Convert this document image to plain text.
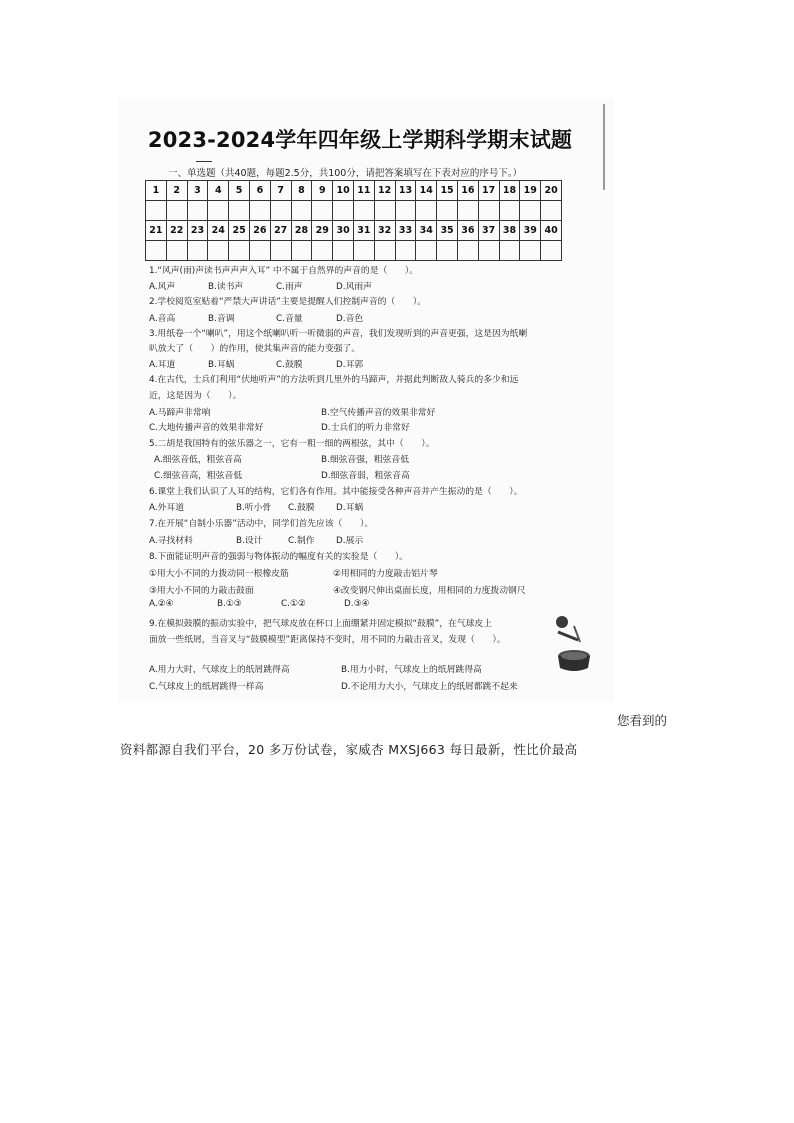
2023-2024学年四年级上学期科学期末试题
一、单选题（共40题，每题2.5分，共100分，请把答案填写在下表对应的序号下。）
1	2	3	4	5	6	7	8	9	10	11	12	13	14	15	16	17	18	19	20

21	22	23	24	25	26	27	28	29	30	31	32	33	34	35	36	37	38	39	40

1.“风声(雨)声读书声声声入耳” 中不属于自然界的声音的是（　　）。
A.风声	B.读书声	C.雨声	D.风雨声
2.学校阅览室贴着“严禁大声讲话”主要是提醒人们控制声音的（　　）。
A.音高	B.音调	C.音量	D.音色
3.用纸卷一个“喇叭”，用这个纸喇叭听一听微弱的声音，我们发现听到的声音更强，这是因为纸喇
叭放大了（　　）的作用，使其集声音的能力变强了。
A.耳道	B.耳蜗	C.鼓膜	D.耳郭
4.在古代，士兵们利用“伏地听声”的方法听到几里外的马蹄声，并据此判断敌人骑兵的多少和远
近，这是因为（　　）。
A.马蹄声非常响	B.空气传播声音的效果非常好
C.大地传播声音的效果非常好	D.士兵们的听力非常好
5.二胡是我国特有的弦乐器之一，它有一粗一细的两根弦，其中（　　）。
A.细弦音低，粗弦音高	B.细弦音强，粗弦音低
C.细弦音高，粗弦音低	D.细弦音弱，粗弦音高
6.课堂上我们认识了人耳的结构，它们各有作用。其中能接受各种声音并产生振动的是（　　）。
A.外耳道	B.听小骨 C.鼓膜 D.耳蜗
7.在开展“自制小乐器”活动中，同学们首先应该（　　）。
A.寻找材料	B.设计	C.制作 D.展示
8.下面能证明声音的强弱与物体振动的幅度有关的实验是（　　）。
①用大小不同的力拨动同一根橡皮筋	②用相同的力度敲击铝片琴
③用大小不同的力敲击鼓面	④改变钢尺伸出桌面长度，用相同的力度拨动钢尺
A.②④	B.①③	C.①②	D.③④
9.在模拟鼓膜的振动实验中，把气球皮放在杯口上面绷紧并固定模拟“鼓膜”，在气球皮上
面放一些纸屑，当音叉与“鼓膜模型”距离保持不变时，用不同的力敲击音叉，发现（　　）。
A.用力大时，气球皮上的纸屑跳得高	B.用力小时，气球皮上的纸屑跳得高
C.气球皮上的纸屑跳得一样高	D.不论用力大小，气球皮上的纸屑都跳不起来
您看到的
资料都源自我们平台，20 多万份试卷，家威杏 MXSJ663 每日最新，性比价最高
